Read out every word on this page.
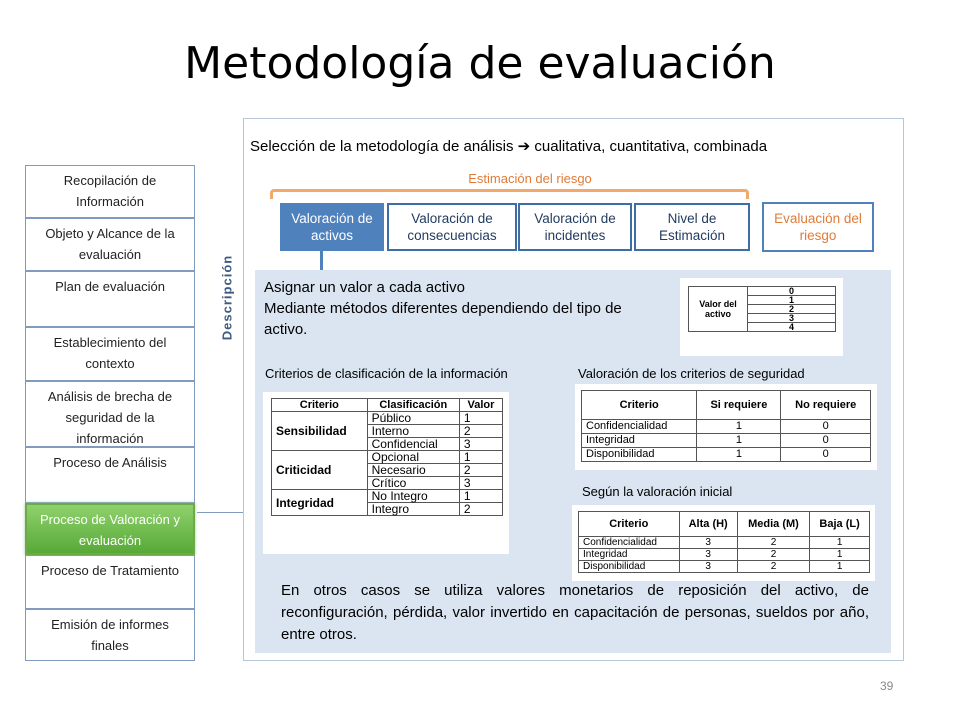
Metodología de evaluación
Recopilación de Información
Objeto y Alcance de la evaluación
Plan de evaluación
Establecimiento del contexto
Análisis de brecha de seguridad de la información
Proceso de Análisis
Proceso de Valoración y evaluación
Proceso de Tratamiento
Emisión de informes finales
Descripción
Selección de la metodología de análisis ➔ cualitativa, cuantitativa, combinada
Estimación del riesgo
Valoración de activos
Valoración de consecuencias
Valoración de incidentes
Nivel de Estimación
Evaluación del riesgo
Asignar un valor a cada activo
Mediante métodos diferentes dependiendo del tipo de activo.
Valor del activo	0
1
2
3
4
Criterios de clasificación de la información	Valoración de los criterios de seguridad
Criterio	Clasificación	Valor
Sensibilidad	Público	1
	Interno	2
	Confidencial	3
Criticidad	Opcional	1
	Necesario	2
	Crítico	3
Integridad	No Integro	1
	Integro	2
Criterio	Si requiere	No requiere
Confidencialidad	1	0
Integridad	1	0
Disponibilidad	1	0
Según la valoración inicial
Criterio	Alta (H)	Media (M)	Baja (L)
Confidencialidad	3	2	1
Integridad	3	2	1
Disponibilidad	3	2	1
En otros casos se utiliza valores monetarios de reposición del activo, de reconfiguración, pérdida, valor invertido en capacitación de personas, sueldos por año, entre otros.
39
